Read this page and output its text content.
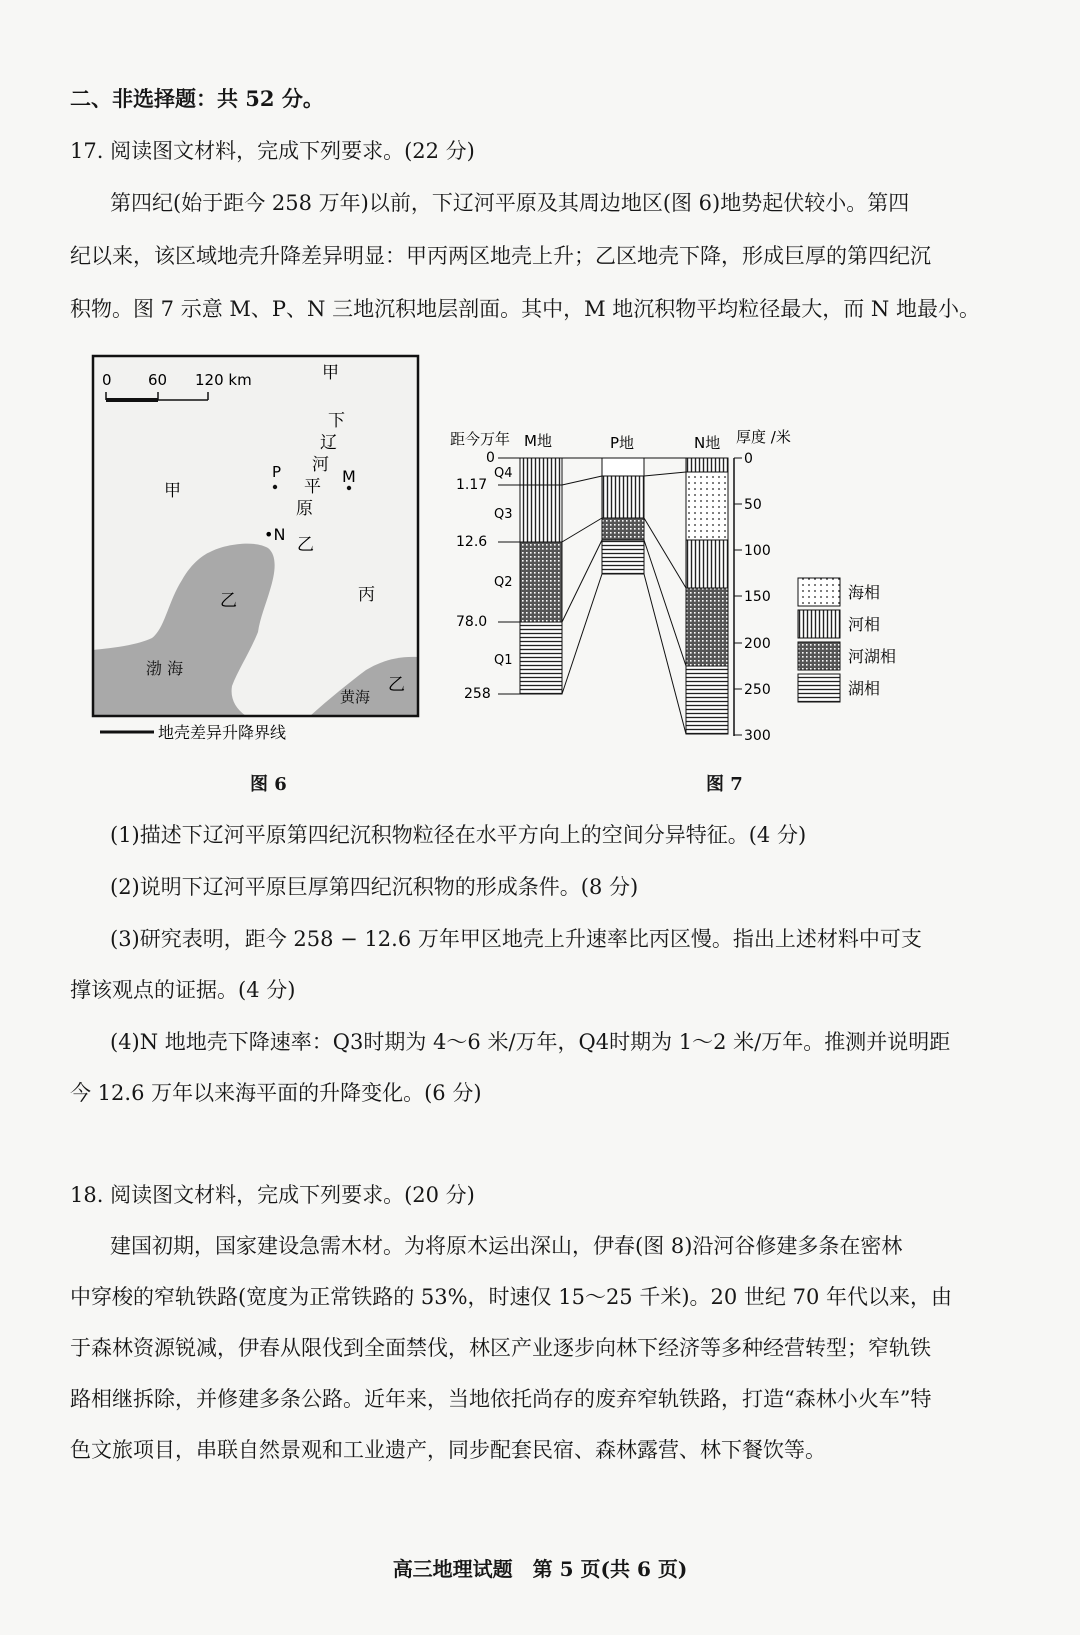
二、非选择题：共 52 分。
17. 阅读图文材料，完成下列要求。(22 分)
第四纪(始于距今 258 万年)以前，下辽河平原及其周边地区(图 6)地势起伏较小。第四
纪以来，该区域地壳升降差异明显：甲丙两区地壳上升；乙区地壳下降，形成巨厚的第四纪沉
积物。图 7 示意 M、P、N 三地沉积地层剖面。其中，M 地沉积物平均粒径最大，而 N 地最小。
0 60 120 km	甲
甲
丙
乙
乙
乙
下
辽
河
平
原
P	M
•N
渤 海
黄海
地壳差异升降界线
图 6
距今万年 M地	P地	N地 厚度 /米
0
1.17
12.6
78.0
258
Q4
Q3
Q2
Q1
0
50
100
150
200
250
300
海相
河相
河湖相
湖相
图 7
(1)描述下辽河平原第四纪沉积物粒径在水平方向上的空间分异特征。(4 分)
(2)说明下辽河平原巨厚第四纪沉积物的形成条件。(8 分)
(3)研究表明，距今 258 − 12.6 万年甲区地壳上升速率比丙区慢。指出上述材料中可支
撑该观点的证据。(4 分)
(4)N 地地壳下降速率：Q3时期为 4～6 米/万年，Q4时期为 1～2 米/万年。推测并说明距
今 12.6 万年以来海平面的升降变化。(6 分)
18. 阅读图文材料，完成下列要求。(20 分)
建国初期，国家建设急需木材。为将原木运出深山，伊春(图 8)沿河谷修建多条在密林
中穿梭的窄轨铁路(宽度为正常铁路的 53%，时速仅 15～25 千米)。20 世纪 70 年代以来，由
于森林资源锐减，伊春从限伐到全面禁伐，林区产业逐步向林下经济等多种经营转型；窄轨铁
路相继拆除，并修建多条公路。近年来，当地依托尚存的废弃窄轨铁路，打造“森林小火车”特
色文旅项目，串联自然景观和工业遗产，同步配套民宿、森林露营、林下餐饮等。
高三地理试题　第 5 页(共 6 页)
